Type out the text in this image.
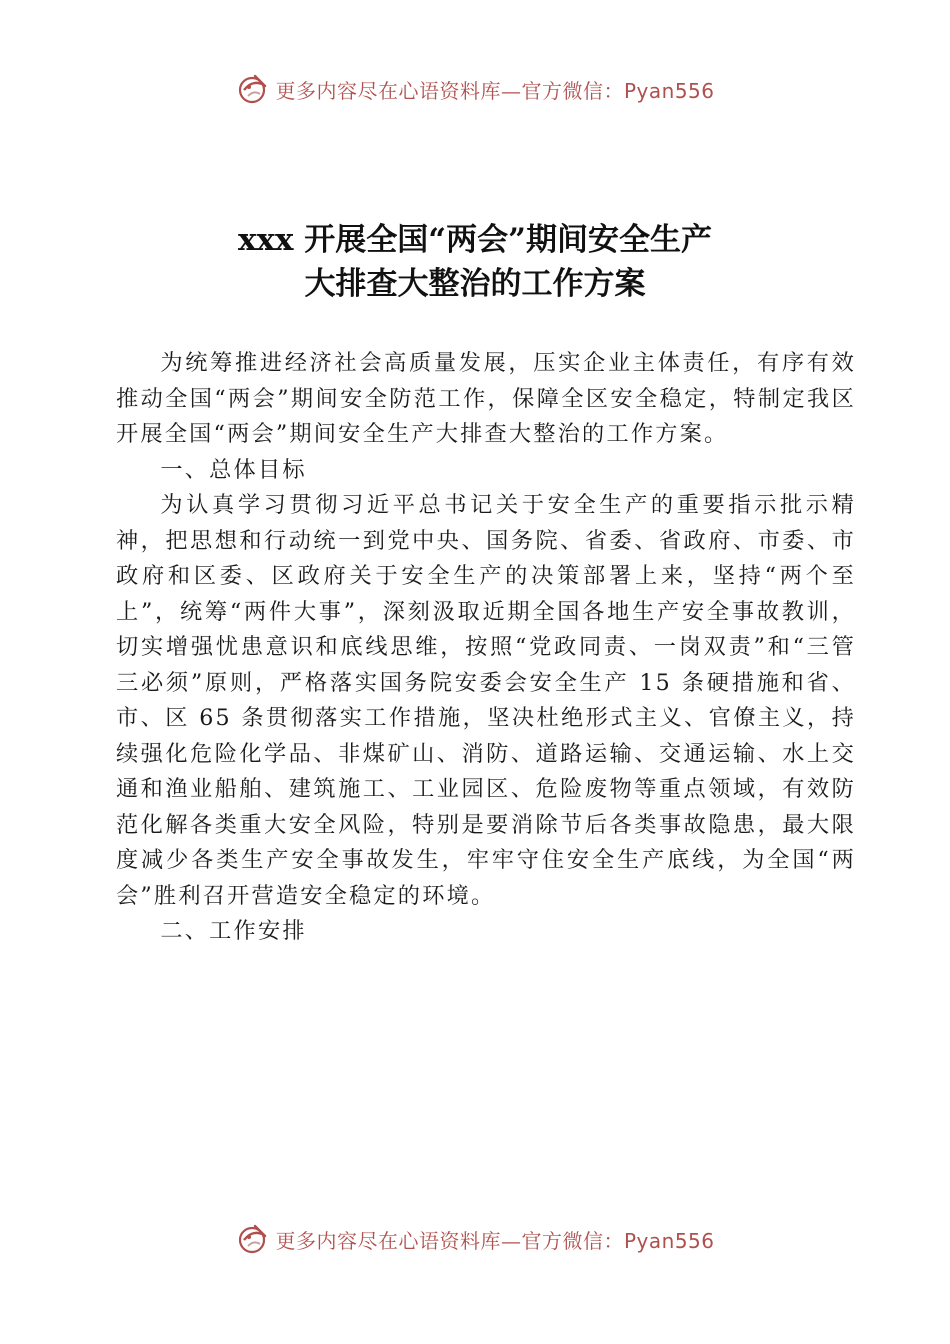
更多内容尽在心语资料库—官方微信：Pyan556
xxx 开展全国“两会”期间安全生产
大排查大整治的工作方案

为统筹推进经济社会高质量发展，压实企业主体责任，有序有效推动全国“两会”期间安全防范工作，保障全区安全稳定，特制定我区开展全国“两会”期间安全生产大排查大整治的工作方案。

一、总体目标

为认真学习贯彻习近平总书记关于安全生产的重要指示批示精神，把思想和行动统一到党中央、国务院、省委、省政府、市委、市政府和区委、区政府关于安全生产的决策部署上来，坚持“两个至上”，统筹“两件大事”，深刻汲取近期全国各地生产安全事故教训，切实增强忧患意识和底线思维，按照“党政同责、一岗双责”和“三管三必须”原则，严格落实国务院安委会安全生产 15 条硬措施和省、市、区 65 条贯彻落实工作措施，坚决杜绝形式主义、官僚主义，持续强化危险化学品、非煤矿山、消防、道路运输、交通运输、水上交通和渔业船舶、建筑施工、工业园区、危险废物等重点领域，有效防范化解各类重大安全风险，特别是要消除节后各类事故隐患，最大限度减少各类生产安全事故发生，牢牢守住安全生产底线，为全国“两会”胜利召开营造安全稳定的环境。

二、工作安排

更多内容尽在心语资料库—官方微信：Pyan556
